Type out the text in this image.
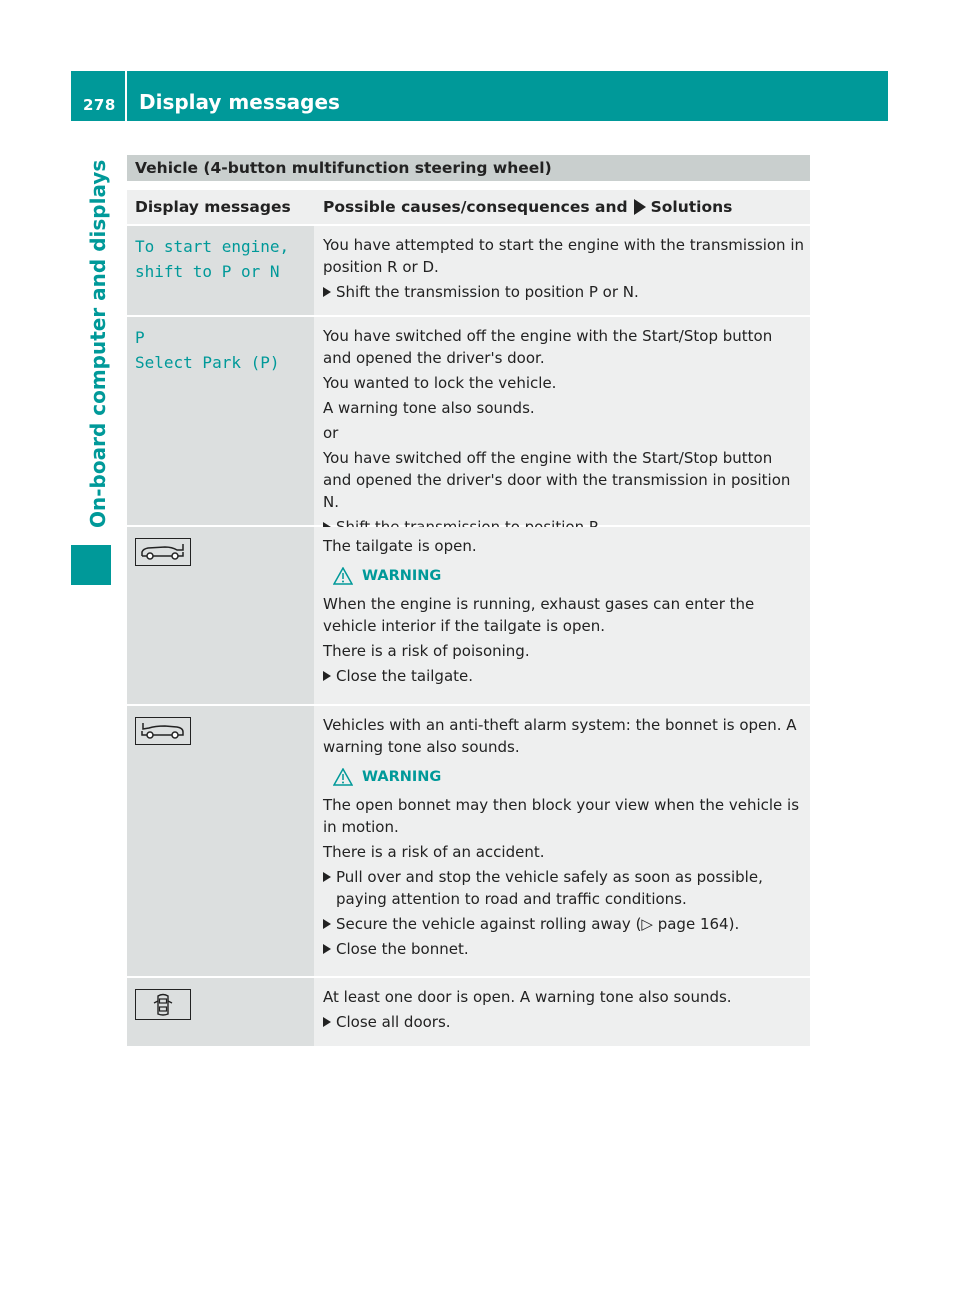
278 Display messages
On-board computer and displays	Vehicle (4-button multifunction steering wheel)
Display messages	Possible causes/consequences and Solutions
To start engine,
shift to P or N

You have attempted to start the engine with the transmission in position R or D.

Shift the transmission to position P or N.
P
Select Park (P)

You have switched off the engine with the Start/Stop button and opened the driver's door.

You wanted to lock the vehicle.

A warning tone also sounds.

or

You have switched off the engine with the Start/Stop button and opened the driver's door with the transmission in position N.

The tailgate is open.

WARNING

When the engine is running, exhaust gases can enter the vehicle interior if the tailgate is open.

There is a risk of poisoning.

Close the tailgate.

Vehicles with an anti-theft alarm system: the bonnet is open. A warning tone also sounds.

WARNING

The open bonnet may then block your view when the vehicle is in motion.

There is a risk of an accident.

Pull over and stop the vehicle safely as soon as possible, paying attention to road and traffic conditions.
Secure the vehicle against rolling away (▷ page 164).
Close the bonnet.

At least one door is open. A warning tone also sounds.

Close all doors.
